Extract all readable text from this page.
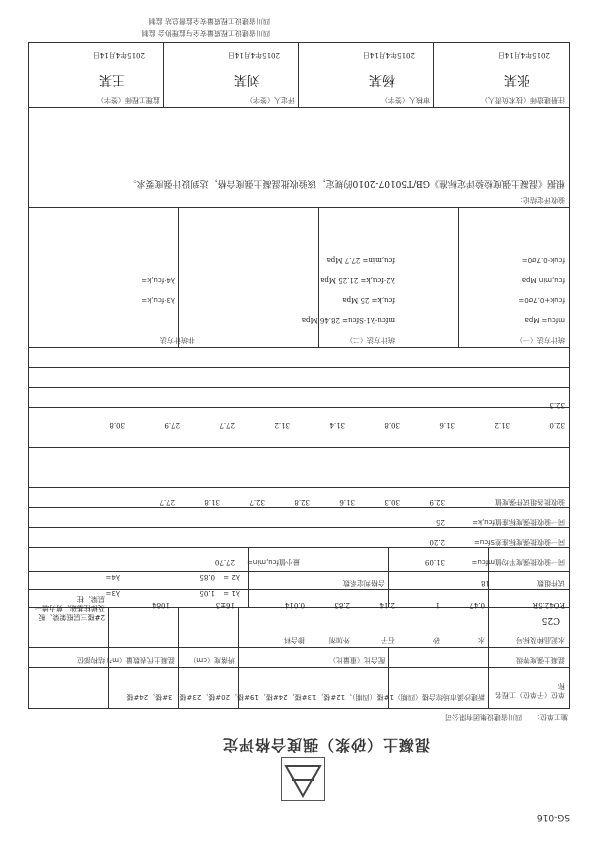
SG-016
混凝土（砂浆）强度合格评定
施工单位：
四川省建设集团有限公司
单位（子单位）工程名称
新建沙溪市场综合楼（四期）1#楼（四期）、12#楼，13#楼，24#楼，19#楼，20#楼，23#楼，3#楼，24#楼
混凝土强度等级
配合比（重量比）
坍落度（cm）
混凝土代表数量（m³）
结构部位
水泥品种及标号
水
砂
石子
外加剂
掺合料
C25
P.O42.5R
0.47
1
2.14
2.83
0.014
16±3
1084
2#楼三层框架梁、板及梯柱基础、剪力墙一层梁、柱
试件组数
18
合格判定系数
λ1 =
1.05
λ2 =
0.85
λ3=
λ4=
同一验收批强度平均值mfcu=
31.09
最小值fcu,min=
27.70
同一验收批强度标准差Sfcu=
2.20
同一验收批强度标准值fcu,k=
25
验收批各组试件强度值
32.9
30.3
31.6
32.8
32.7
31.8
27.7
32.0
31.2
31.6
30.8
31.4
31.2
27.7
27.9
30.8
32.3
统计方法（一）
统计方法（二）
非统计方法
mfcu= Mpa
fcuk+0.7σ0=
fcu,min Mpa
fcuk-0.7σ0=
mfcu-λ1·Sfcu= 28.46 Mpa
fcu,k= 25 Mpa
λ2·fcu,k= 21.25 Mpa
fcu,min= 27.7 Mpa
λ3·fcu,k=
λ4·fcu,k=
验收评定结论：
根据《混凝土强度检验评定标准》GB/T50107-2010的规定，该验收批混凝土强度合格，达到设计强度要求。
注册建造师（技术负责人）
张某
2015年4月14日
审核人（签字）
杨某
2015年4月14日
评定人（签字）
刘某
2015年4月14日
监理工程师（签字）
王某
2015年4月14日
四川省建设工程质量安全与监理协会 监制
四川省建设工程质量安全监督总站 监制
